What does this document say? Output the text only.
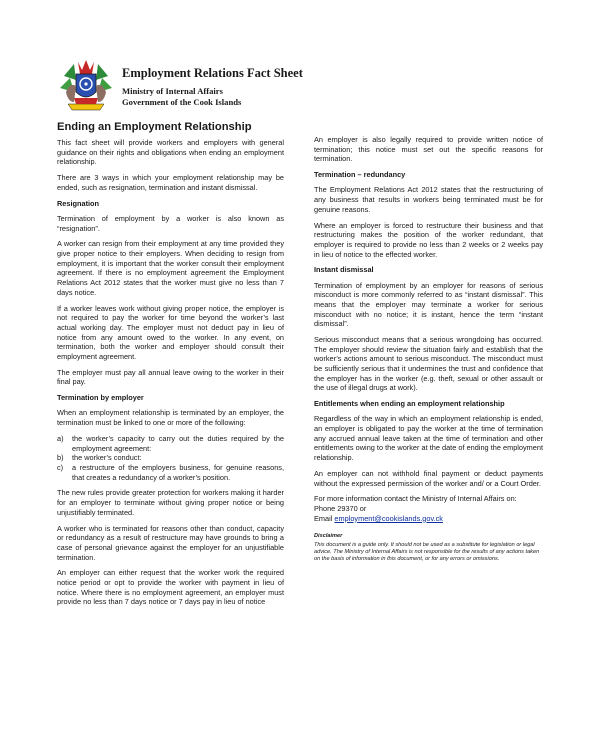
Employment Relations Fact Sheet
Ministry of Internal Affairs
Government of the Cook Islands
Ending an Employment Relationship

This fact sheet will provide workers and employers with general guidance on their rights and obligations when ending an employment relationship.

There are 3 ways in which your employment relationship may be ended, such as resignation, termination and instant dismissal.

Resignation

Termination of employment by a worker is also known as “resignation”.

A worker can resign from their employment at any time provided they give proper notice to their employers. When deciding to resign from employment, it is important that the worker consult their employment agreement. If there is no employment agreement the Employment Relations Act 2012 states that the worker must give no less than 7 days notice.

If a worker leaves work without giving proper notice, the employer is not required to pay the worker for time beyond the worker’s last actual working day. The employer must not deduct pay in lieu of notice from any amount owed to the worker. In any event, on termination, both the worker and employer should consult their employment agreement.

The employer must pay all annual leave owing to the worker in their final pay.

Termination by employer

When an employment relationship is terminated by an employer, the termination must be linked to one or more of the following:

a)	the worker’s capacity to carry out the duties required by the employment agreement:
b)	the worker’s conduct:
c)	a restructure of the employers business, for genuine reasons, that creates a redundancy of a worker’s position.

The new rules provide greater protection for workers making it harder for an employer to terminate without giving proper notice or being unjustifiably terminated.

A worker who is terminated for reasons other than conduct, capacity or redundancy as a result of restructure may have grounds to bring a case of personal grievance against the employer for an unjustifiable termination.

An employer can either request that the worker work the required notice period or opt to provide the worker with payment in lieu of notice. Where there is no employment agreement, an employer must provide no less than 7 days notice or 7 days pay in lieu of notice

An employer is also legally required to provide written notice of termination; this notice must set out the specific reasons for termination.

Termination – redundancy

The Employment Relations Act 2012 states that the restructuring of any business that results in workers being terminated must be for genuine reasons.

Where an employer is forced to restructure their business and that restructuring makes the position of the worker redundant, that employer is required to provide no less than 2 weeks or 2 weeks pay in lieu of notice to the effected worker.

Instant dismissal

Termination of employment by an employer for reasons of serious misconduct is more commonly referred to as “instant dismissal”. This means that the employer may terminate a worker for serious misconduct with no notice; it is instant, hence the term “instant dismissal”.

Serious misconduct means that a serious wrongdoing has occurred. The employer should review the situation fairly and establish that the worker’s actions amount to serious misconduct. The misconduct must be sufficiently serious that it undermines the trust and confidence that the employer has in the worker (e.g. theft, sexual or other assault or the use of illegal drugs at work).

Entitlements when ending an employment relationship

Regardless of the way in which an employment relationship is ended, an employer is obligated to pay the worker at the time of termination any accrued annual leave taken at the time of termination and other entitlements owing to the worker at the date of ending the employment relationship.

An employer can not withhold final payment or deduct payments without the expressed permission of the worker and/ or a Court Order.

For more information contact the Ministry of Internal Affairs on:

Phone 29370 or

Email employment@cookislands.gov.ck

Disclaimer
This document is a guide only. It should not be used as a substitute for legislation or legal advice. The Ministry of Internal Affairs is not responsible for the results of any actions taken on the basis of information in this document, or for any errors or omissions.
